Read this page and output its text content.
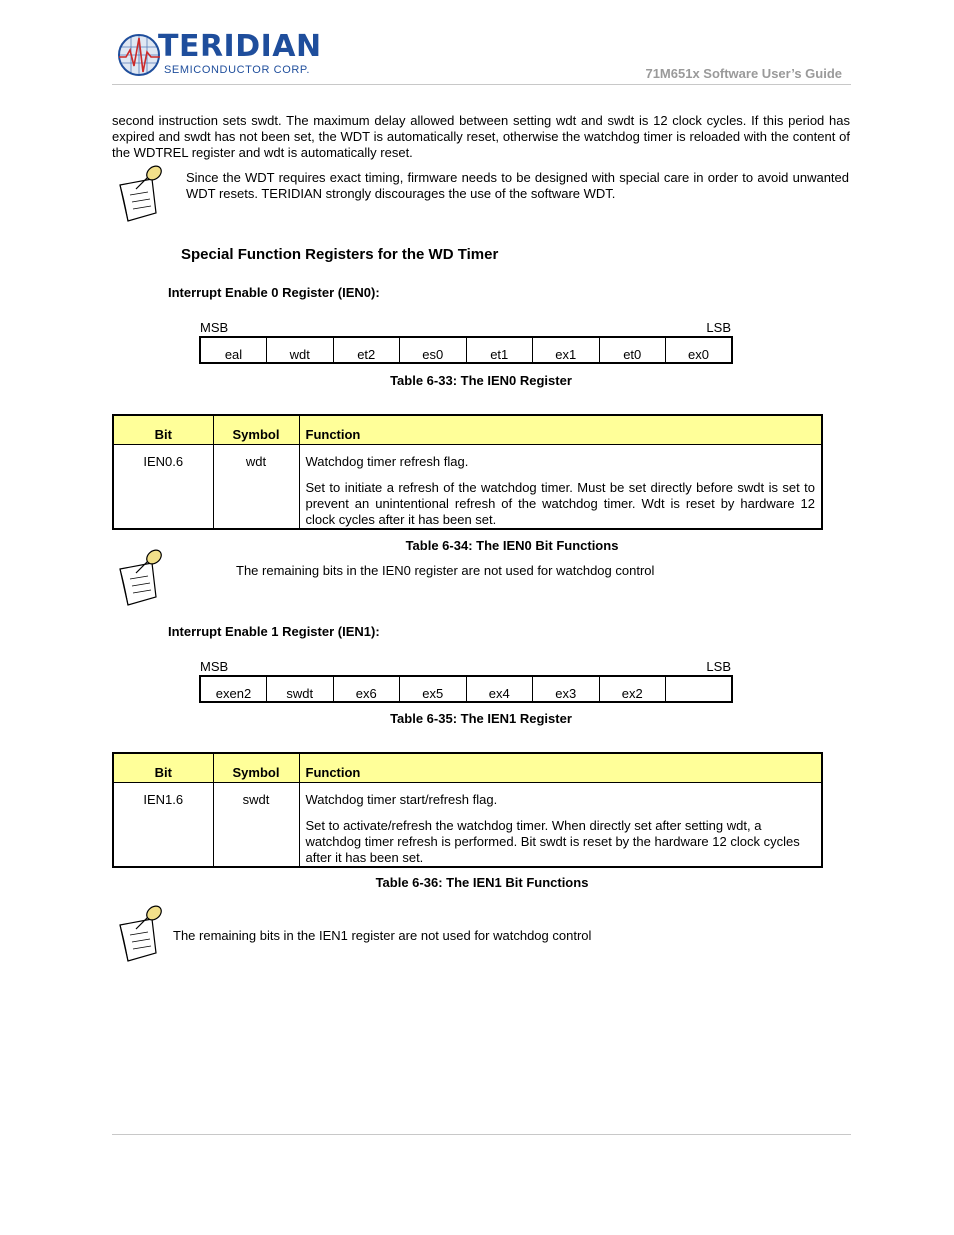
TERIDIAN
SEMICONDUCTOR CORP.	71M651x Software User’s Guide
second instruction sets swdt. The maximum delay allowed between setting wdt and swdt is 12 clock cycles. If this period has expired and swdt has not been set, the WDT is automatically reset, otherwise the watchdog timer is reloaded with the content of the WDTREL register and wdt is automatically reset.
Since the WDT requires exact timing, firmware needs to be designed with special care in order to avoid unwanted WDT resets. TERIDIAN strongly discourages the use of the software WDT.
Special Function Registers for the WD Timer
Interrupt Enable 0 Register (IEN0):
MSB	LSB
eal	wdt	et2	es0	et1	ex1	et0	ex0
Table 6-33: The IEN0 Register
Bit	Symbol	Function
IEN0.6	wdt	Watchdog timer refresh flag.

Set to initiate a refresh of the watchdog timer. Must be set directly before swdt is set to prevent an unintentional refresh of the watchdog timer. Wdt is reset by hardware 12 clock cycles after it has been set.

Table 6-34: The IEN0 Bit Functions
The remaining bits in the IEN0 register are not used for watchdog control
Interrupt Enable 1 Register (IEN1):
MSB	LSB
exen2	swdt	ex6	ex5	ex4	ex3	ex2	
Table 6-35: The IEN1 Register
Bit	Symbol	Function
IEN1.6	swdt	Watchdog timer start/refresh flag.

Set to activate/refresh the watchdog timer. When directly set after setting wdt, a watchdog timer refresh is performed. Bit swdt is reset by the hardware 12 clock cycles after it has been set.

Table 6-36: The IEN1 Bit Functions
The remaining bits in the IEN1 register are not used for watchdog control
